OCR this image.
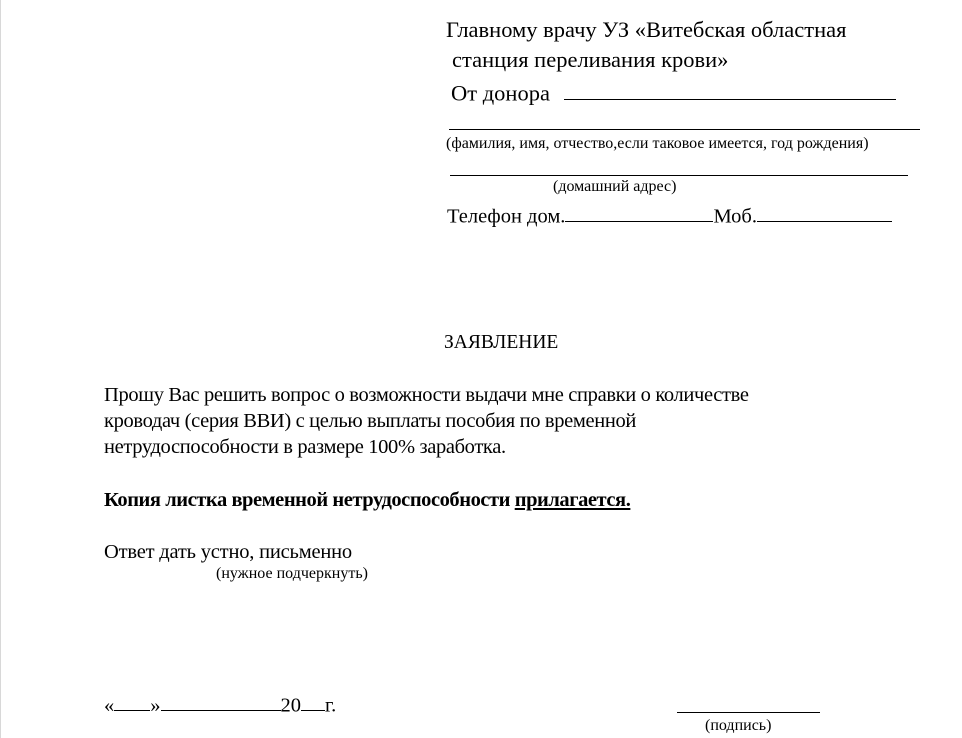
Главному врачу УЗ «Витебская областная
станция переливания крови»
От донора
(фамилия, имя, отчество,если таковое имеется, год рождения)
(домашний адрес)
Телефон дом.	Моб.
ЗАЯВЛЕНИЕ
Прошу Вас решить вопрос о возможности выдачи мне справки о количестве
кроводач (серия ВВИ) с целью выплаты пособия по временной
нетрудоспособности в размере 100% заработка.
Копия листка временной нетрудоспособности прилагается.
Ответ дать устно, письменно
(нужное подчеркнуть)
« »	20 г.
(подпись)
